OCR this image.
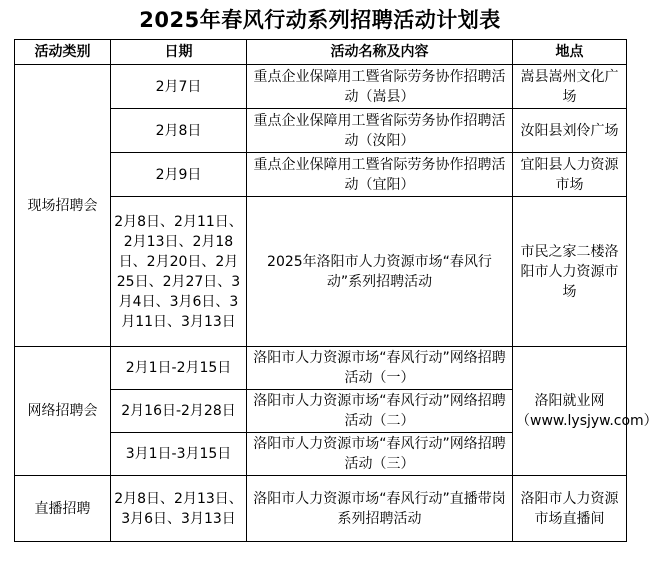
2025年春风行动系列招聘活动计划表
活动类别	日期	活动名称及内容	地点
现场招聘会	2月7日	重点企业保障用工暨省际劳务协作招聘活动（嵩县）	嵩县嵩州文化广场
	2月8日	重点企业保障用工暨省际劳务协作招聘活动（汝阳）	汝阳县刘伶广场
	2月9日	重点企业保障用工暨省际劳务协作招聘活动（宜阳）	宜阳县人力资源市场
	2月8日、2月11日、2月13日、2月18日、2月20日、2月25日、2月27日、3月4日、3月6日、3月11日、3月13日	2025年洛阳市人力资源市场“春风行动”系列招聘活动	市民之家二楼洛阳市人力资源市场
网络招聘会	2月1日-2月15日	洛阳市人力资源市场“春风行动”网络招聘活动（一）	洛阳就业网（www.lysjyw.com）
	2月16日-2月28日	洛阳市人力资源市场“春风行动”网络招聘活动（二）	
	3月1日-3月15日	洛阳市人力资源市场“春风行动”网络招聘活动（三）	
直播招聘	2月8日、2月13日、3月6日、3月13日	洛阳市人力资源市场“春风行动”直播带岗系列招聘活动	洛阳市人力资源市场直播间
